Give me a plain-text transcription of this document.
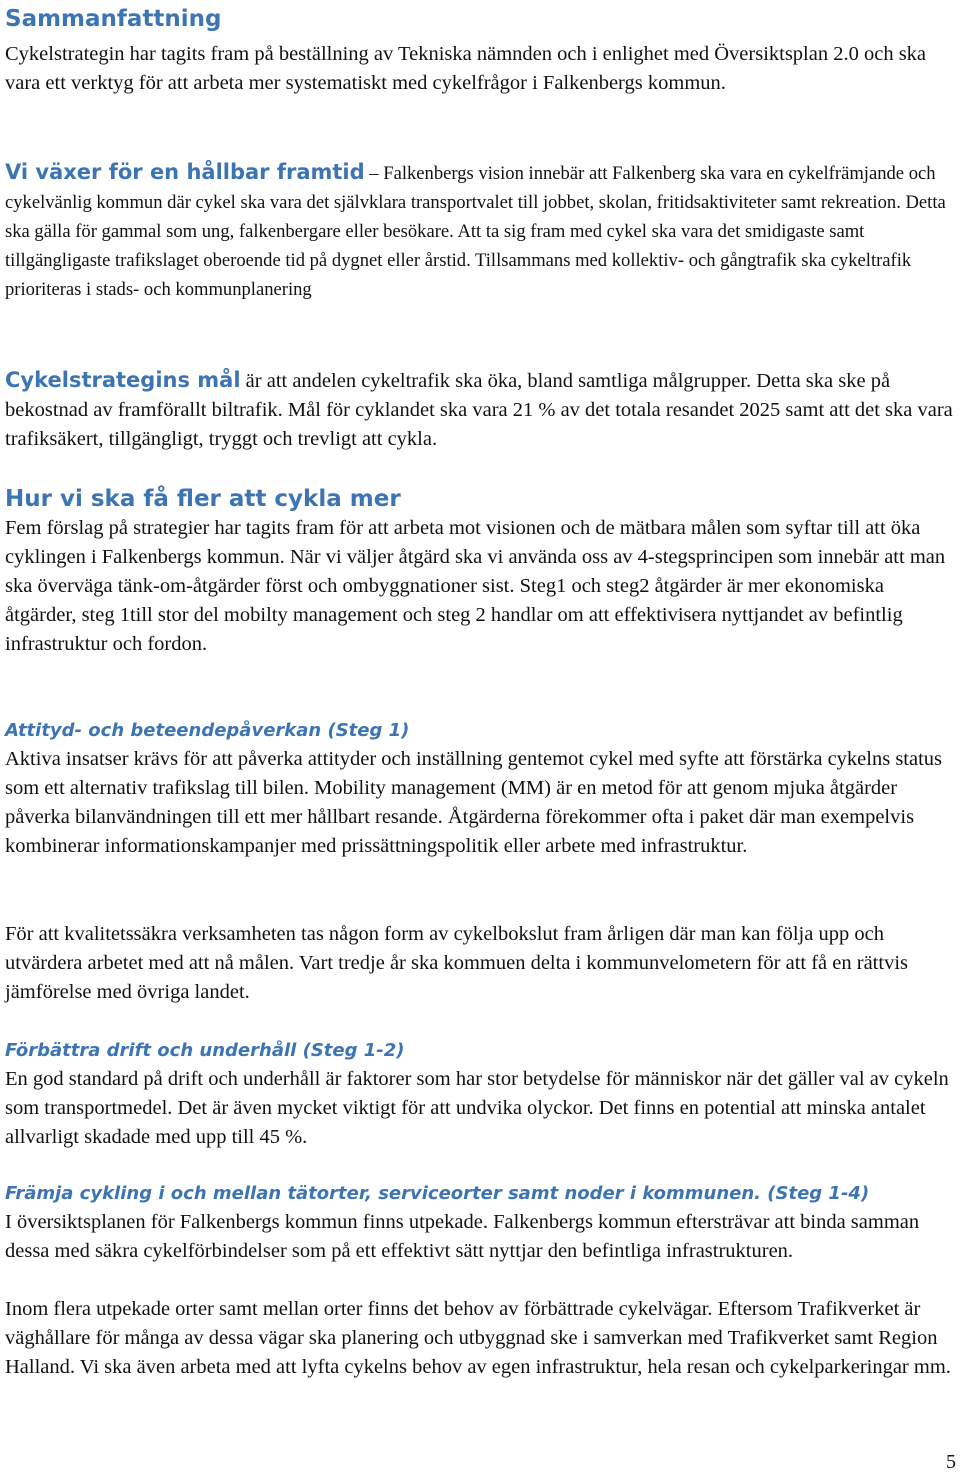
Sammanfattning

Cykelstrategin har tagits fram på beställning av Tekniska nämnden och i enlighet med Översiktsplan 2.0 och ska vara ett verktyg för att arbeta mer systematiskt med cykelfrågor i Falkenbergs kommun.

Vi växer för en hållbar framtid – Falkenbergs vision innebär att Falkenberg ska vara en cykelfrämjande och cykelvänlig kommun där cykel ska vara det självklara transportvalet till jobbet, skolan, fritidsaktiviteter samt rekreation. Detta ska gälla för gammal som ung, falkenbergare eller besökare. Att ta sig fram med cykel ska vara det smidigaste samt tillgängligaste trafikslaget oberoende tid på dygnet eller årstid. Tillsammans med kollektiv- och gångtrafik ska cykeltrafik prioriteras i stads- och kommunplanering

Cykelstrategins mål är att andelen cykeltrafik ska öka, bland samtliga målgrupper. Detta ska ske på bekostnad av framförallt biltrafik. Mål för cyklandet ska vara 21 % av det totala resandet 2025 samt att det ska vara trafiksäkert, tillgängligt, tryggt och trevligt att cykla.

Hur vi ska få fler att cykla mer

Fem förslag på strategier har tagits fram för att arbeta mot visionen och de mätbara målen som syftar till att öka cyklingen i Falkenbergs kommun. När vi väljer åtgärd ska vi använda oss av 4-stegsprincipen som innebär att man ska överväga tänk-om-åtgärder först och ombyggnationer sist. Steg1 och steg2 åtgärder är mer ekonomiska åtgärder, steg 1till stor del mobilty management och steg 2 handlar om att effektivisera nyttjandet av befintlig infrastruktur och fordon.

Attityd- och beteendepåverkan (Steg 1)

Aktiva insatser krävs för att påverka attityder och inställning gentemot cykel med syfte att förstärka cykelns status som ett alternativ trafikslag till bilen. Mobility management (MM) är en metod för att genom mjuka åtgärder påverka bilanvändningen till ett mer hållbart resande. Åtgärderna förekommer ofta i paket där man exempelvis kombinerar informationskampanjer med prissättningspolitik eller arbete med infrastruktur.

För att kvalitetssäkra verksamheten tas någon form av cykelbokslut fram årligen där man kan följa upp och utvärdera arbetet med att nå målen. Vart tredje år ska kommuen delta i kommunvelometern för att få en rättvis jämförelse med övriga landet.

Förbättra drift och underhåll (Steg 1-2)

En god standard på drift och underhåll är faktorer som har stor betydelse för människor när det gäller val av cykeln som transportmedel. Det är även mycket viktigt för att undvika olyckor. Det finns en potential att minska antalet allvarligt skadade med upp till 45 %.

Främja cykling i och mellan tätorter, serviceorter samt noder i kommunen. (Steg 1-4)

I översiktsplanen för Falkenbergs kommun finns utpekade. Falkenbergs kommun eftersträvar att binda samman dessa med säkra cykelförbindelser som på ett effektivt sätt nyttjar den befintliga infrastrukturen.

Inom flera utpekade orter samt mellan orter finns det behov av förbättrade cykelvägar. Eftersom Trafikverket är väghållare för många av dessa vägar ska planering och utbyggnad ske i samverkan med Trafikverket samt Region Halland. Vi ska även arbeta med att lyfta cykelns behov av egen infrastruktur, hela resan och cykelparkeringar mm.

5
